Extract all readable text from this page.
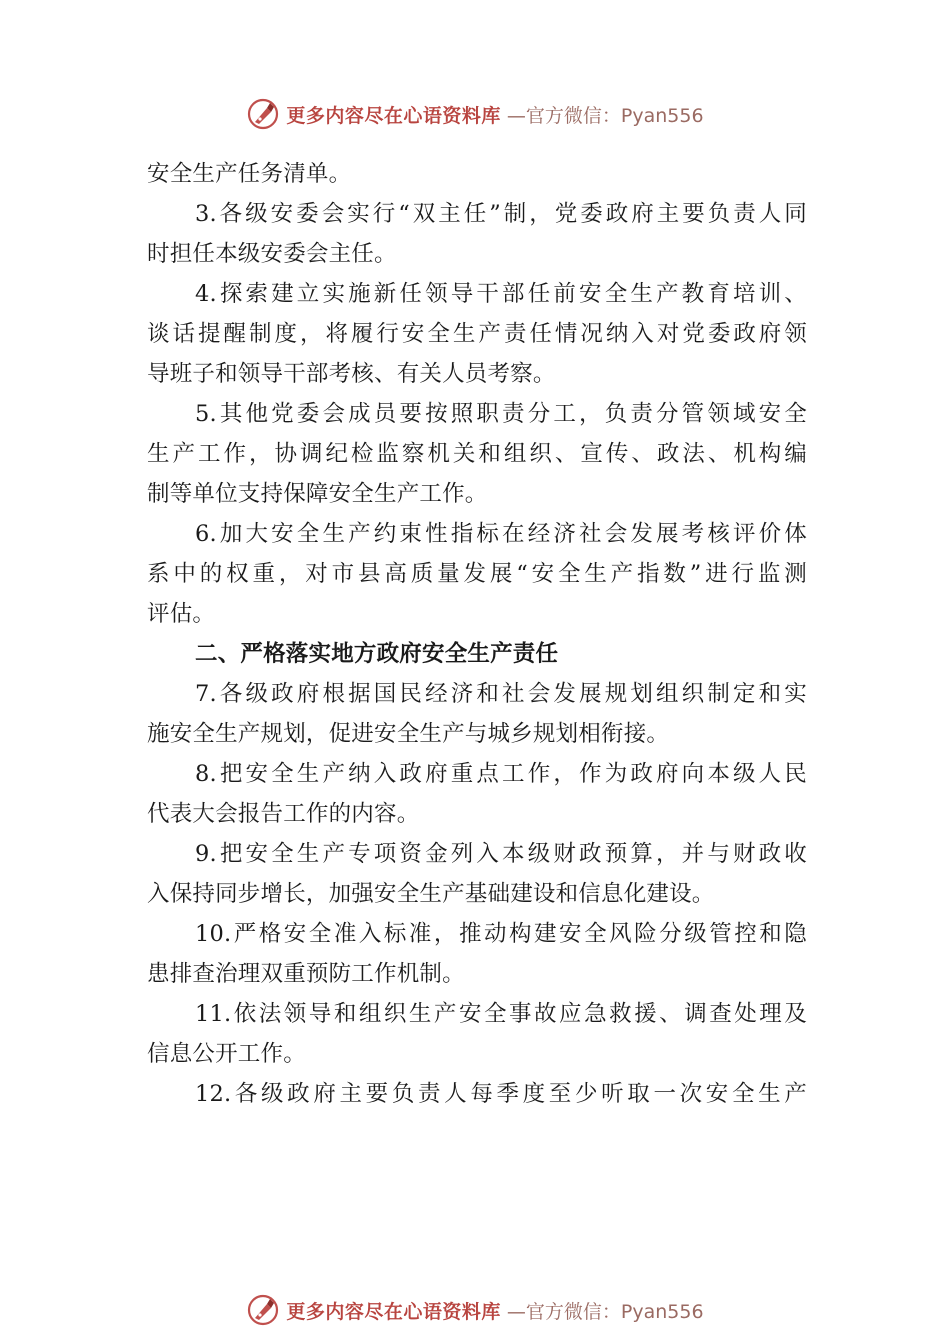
更多内容尽在心语资料库 —官方微信：Pyan556
安全生产任务清单。
3.各级安委会实行“双主任”制，党委政府主要负责人同
时担任本级安委会主任。
4.探索建立实施新任领导干部任前安全生产教育培训、
谈话提醒制度，将履行安全生产责任情况纳入对党委政府领
导班子和领导干部考核、有关人员考察。
5.其他党委会成员要按照职责分工，负责分管领域安全
生产工作，协调纪检监察机关和组织、宣传、政法、机构编
制等单位支持保障安全生产工作。
6.加大安全生产约束性指标在经济社会发展考核评价体
系中的权重，对市县高质量发展“安全生产指数”进行监测
评估。
二、严格落实地方政府安全生产责任
7.各级政府根据国民经济和社会发展规划组织制定和实
施安全生产规划，促进安全生产与城乡规划相衔接。
8.把安全生产纳入政府重点工作，作为政府向本级人民
代表大会报告工作的内容。
9.把安全生产专项资金列入本级财政预算，并与财政收
入保持同步增长，加强安全生产基础建设和信息化建设。
10.严格安全准入标准，推动构建安全风险分级管控和隐
患排查治理双重预防工作机制。
11.依法领导和组织生产安全事故应急救援、调查处理及
信息公开工作。
12.各级政府主要负责人每季度至少听取一次安全生产
更多内容尽在心语资料库 —官方微信：Pyan556
